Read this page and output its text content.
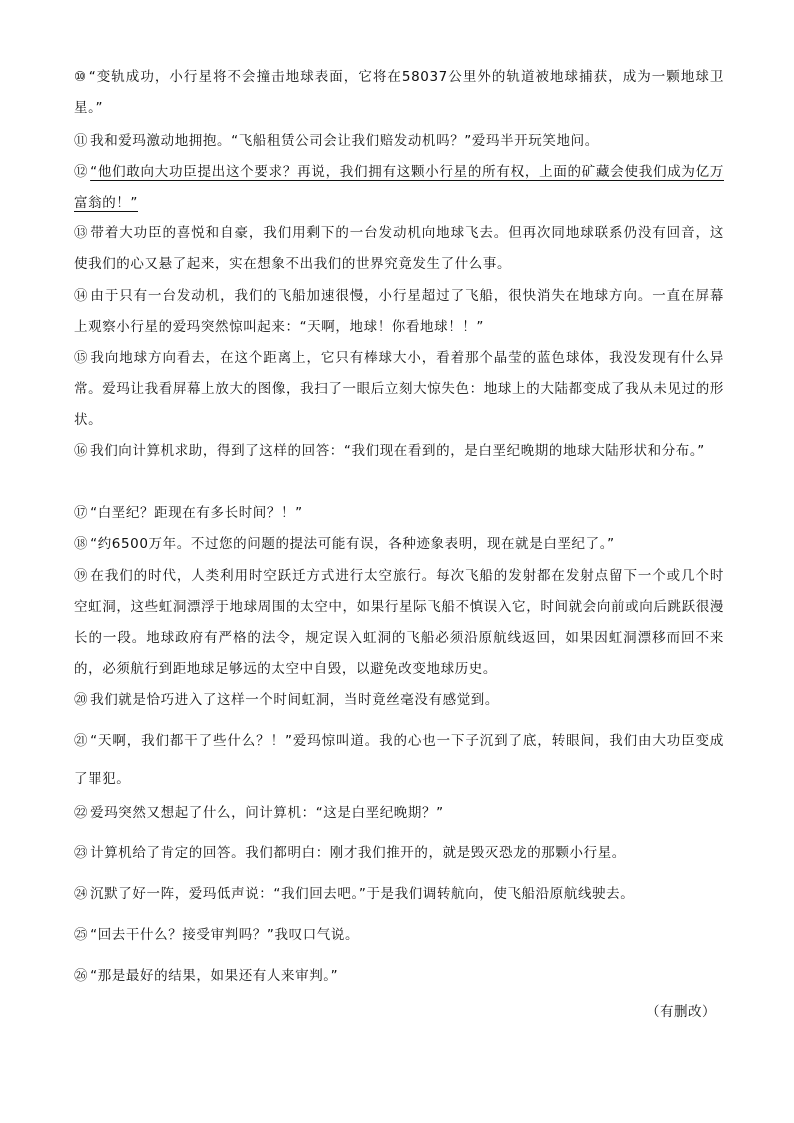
⑩ “变轨成功，小行星将不会撞击地球表面，它将在58037公里外的轨道被地球捕获，成为一颗地球卫星。”

⑪ 我和爱玛激动地拥抱。“飞船租赁公司会让我们赔发动机吗？”爱玛半开玩笑地问。

⑫ “他们敢向大功臣提出这个要求？再说，我们拥有这颗小行星的所有权，上面的矿藏会使我们成为亿万富翁的！”

⑬ 带着大功臣的喜悦和自豪，我们用剩下的一台发动机向地球飞去。但再次同地球联系仍没有回音，这使我们的心又悬了起来，实在想象不出我们的世界究竟发生了什么事。

⑭ 由于只有一台发动机，我们的飞船加速很慢，小行星超过了飞船，很快消失在地球方向。一直在屏幕上观察小行星的爱玛突然惊叫起来：“天啊，地球！你看地球！！”

⑮ 我向地球方向看去，在这个距离上，它只有棒球大小，看着那个晶莹的蓝色球体，我没发现有什么异常。爱玛让我看屏幕上放大的图像，我扫了一眼后立刻大惊失色：地球上的大陆都变成了我从未见过的形状。

⑯ 我们向计算机求助，得到了这样的回答：“我们现在看到的，是白垩纪晚期的地球大陆形状和分布。”

⑰ “白垩纪？距现在有多长时间？！”

⑱ “约6500万年。不过您的问题的提法可能有误，各种迹象表明，现在就是白垩纪了。”

⑲ 在我们的时代，人类利用时空跃迁方式进行太空旅行。每次飞船的发射都在发射点留下一个或几个时空虹洞，这些虹洞漂浮于地球周围的太空中，如果行星际飞船不慎误入它，时间就会向前或向后跳跃很漫长的一段。地球政府有严格的法令，规定误入虹洞的飞船必须沿原航线返回，如果因虹洞漂移而回不来的，必须航行到距地球足够远的太空中自毁，以避免改变地球历史。

⑳ 我们就是恰巧进入了这样一个时间虹洞，当时竟丝毫没有感觉到。

㉑ “天啊，我们都干了些什么？！”爱玛惊叫道。我的心也一下子沉到了底，转眼间，我们由大功臣变成了罪犯。

㉒ 爱玛突然又想起了什么，问计算机：“这是白垩纪晚期？”

㉓ 计算机给了肯定的回答。我们都明白：刚才我们推开的，就是毁灭恐龙的那颗小行星。

㉔ 沉默了好一阵，爱玛低声说：“我们回去吧。”于是我们调转航向，使飞船沿原航线驶去。

㉕ “回去干什么？接受审判吗？”我叹口气说。

㉖ “那是最好的结果，如果还有人来审判。”

（有删改）
